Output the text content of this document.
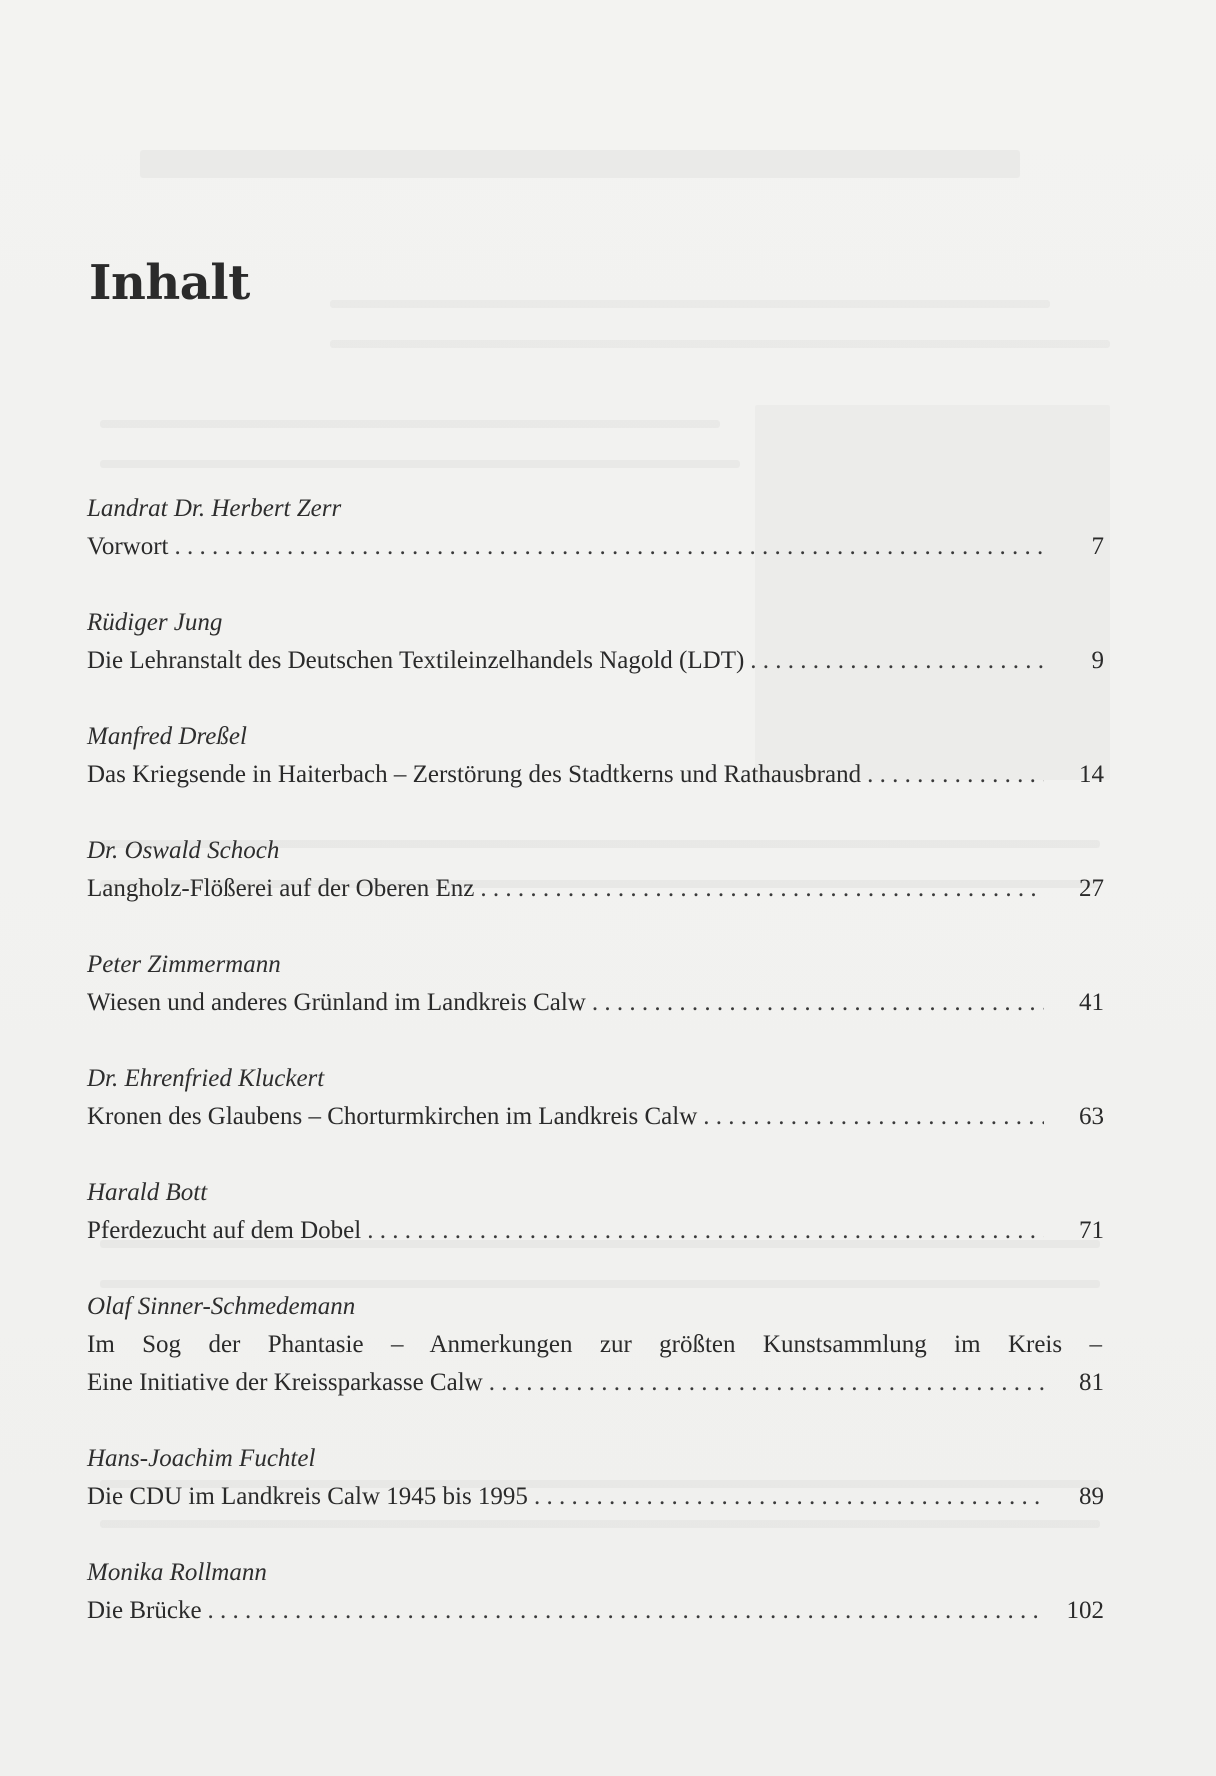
Inhalt
Landrat Dr. Herbert Zerr
Vorwort . . .	7
Rüdiger Jung
Die Lehranstalt des Deutschen Textileinzelhandels Nagold (LDT) . . .	9
Manfred Dreßel
Das Kriegsende in Haiterbach – Zerstörung des Stadtkerns und Rathausbrand . . .	14
Dr. Oswald Schoch
Langholz-Flößerei auf der Oberen Enz . . .	27
Peter Zimmermann
Wiesen und anderes Grünland im Landkreis Calw . . .	41
Dr. Ehrenfried Kluckert
Kronen des Glaubens – Chorturmkirchen im Landkreis Calw . . .	63
Harald Bott
Pferdezucht auf dem Dobel . . .	71
Olaf Sinner-Schmedemann
Im Sog der Phantasie – Anmerkungen zur größten Kunstsammlung im Kreis –
Eine Initiative der Kreissparkasse Calw . . .	81
Hans-Joachim Fuchtel
Die CDU im Landkreis Calw 1945 bis 1995 . . .	89
Monika Rollmann
Die Brücke . . .	102
